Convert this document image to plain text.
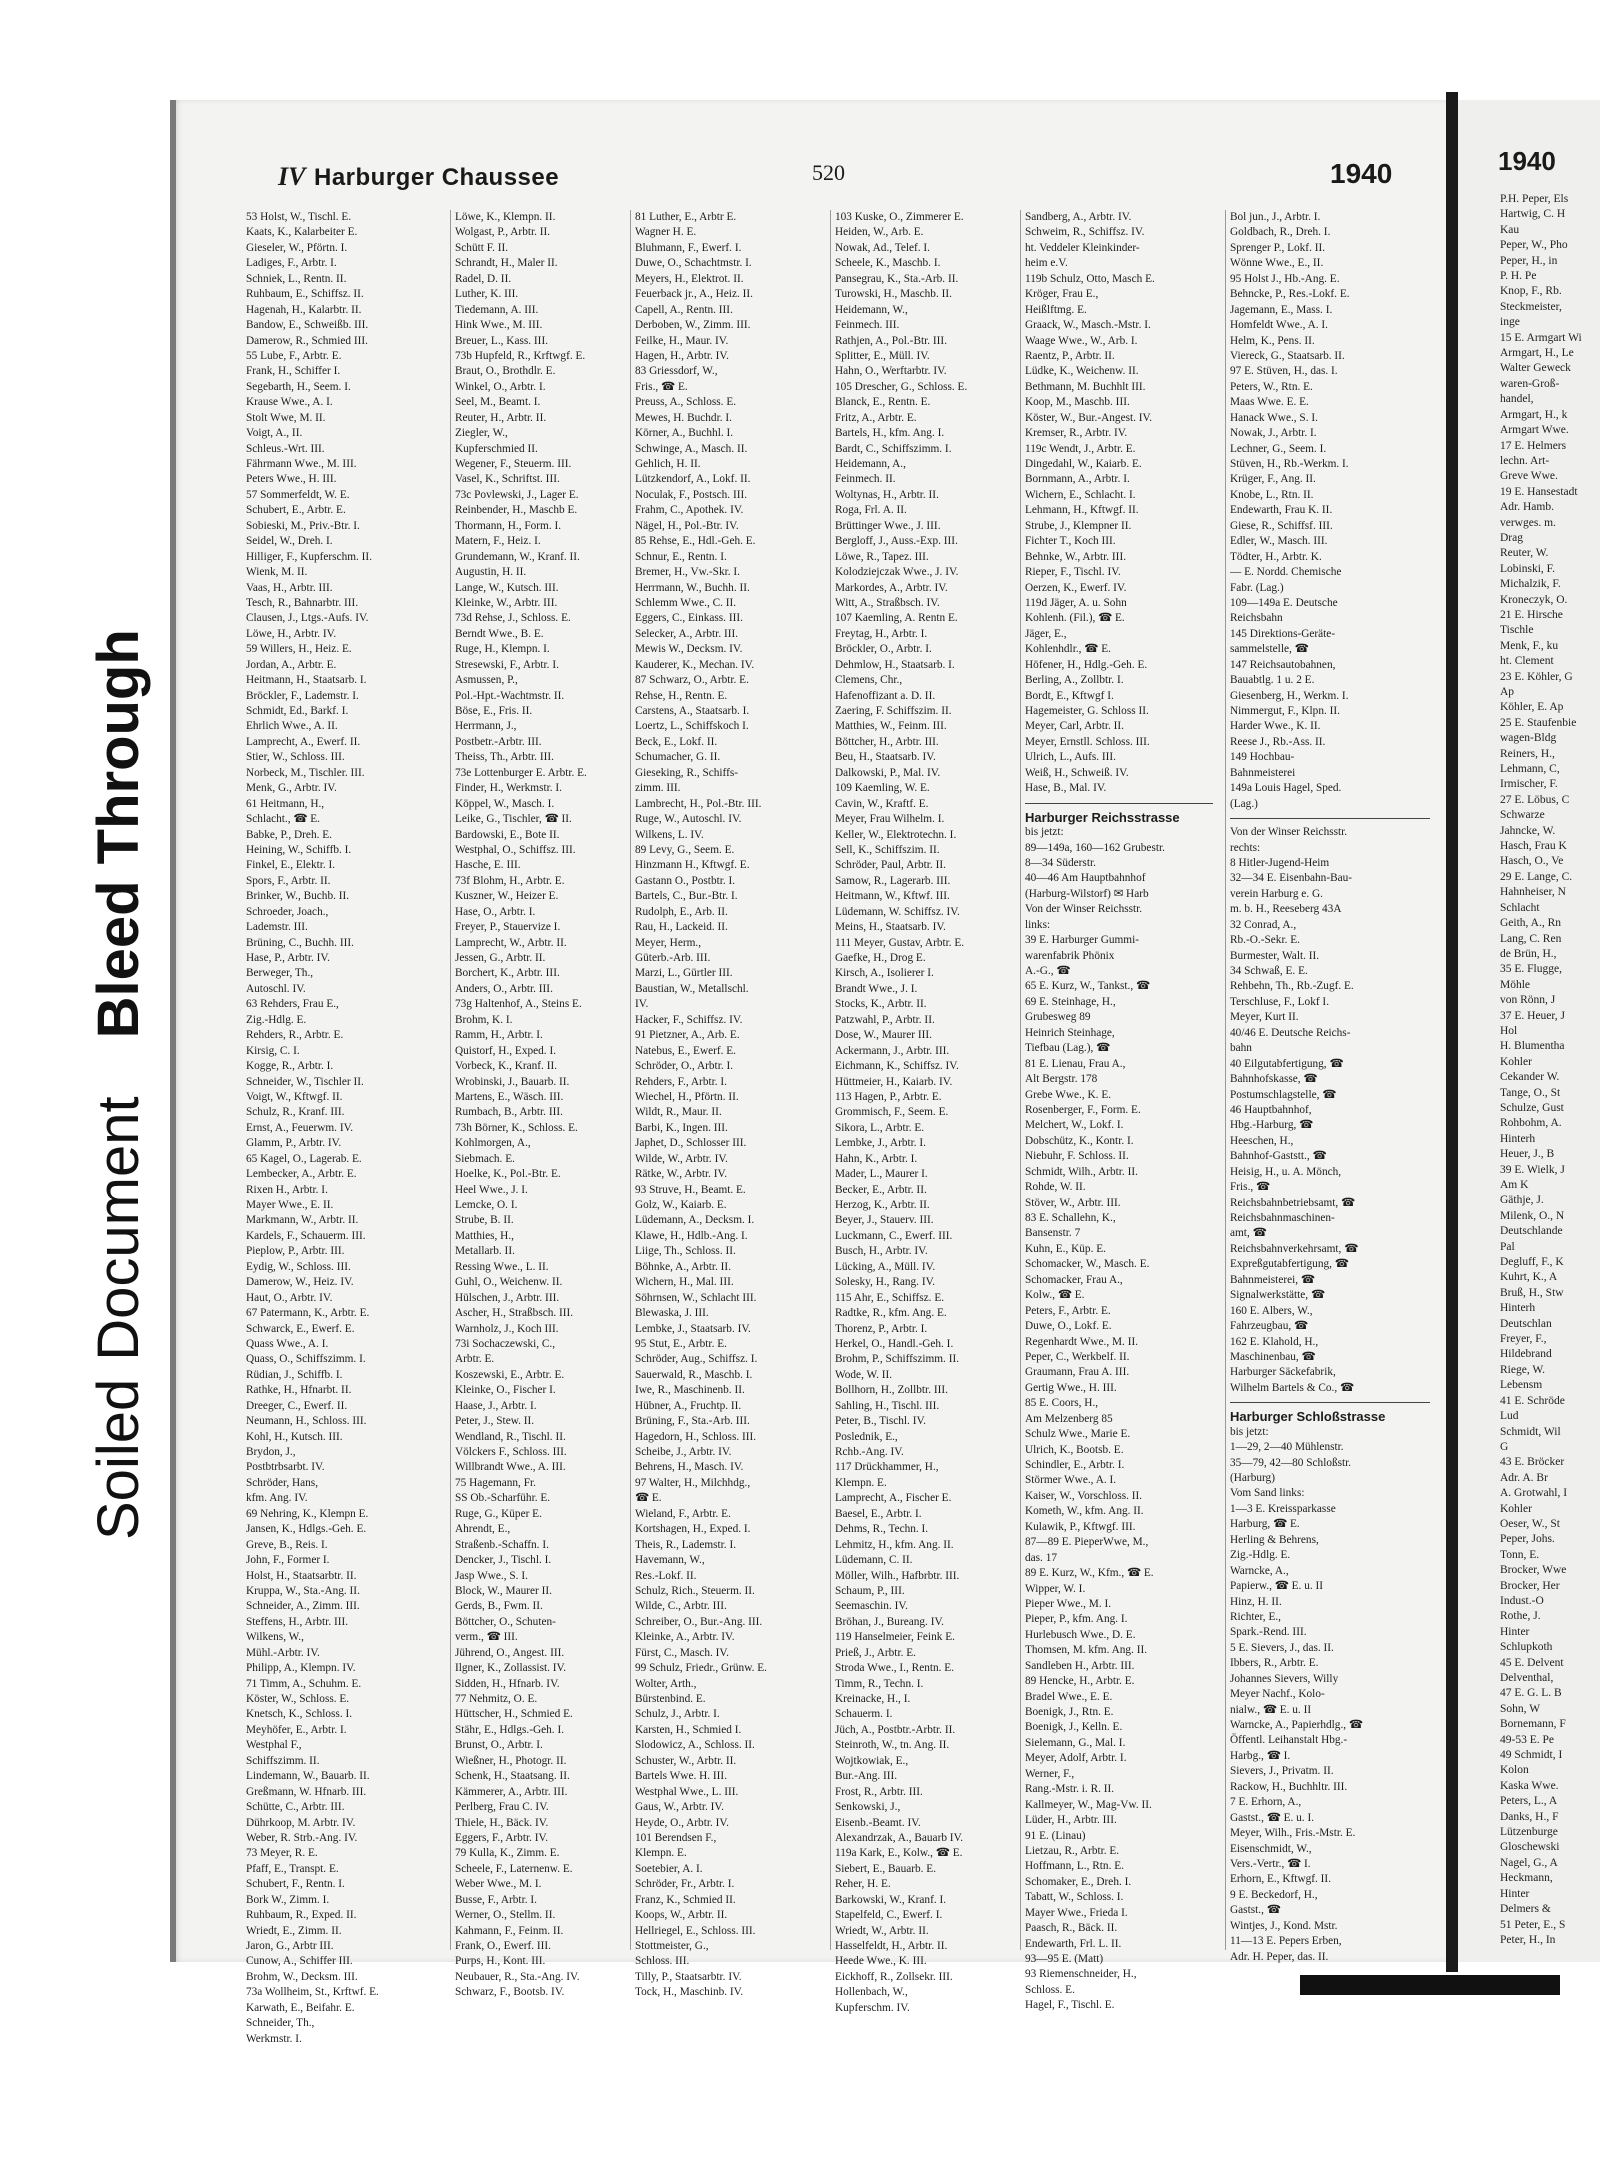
Soiled
Document
Bleed Through
IV Harburger Chaussee	520	1940
53 Holst, W., Tischl. E.
Kaats, K., Kalarbeiter E.
Gieseler, W., Pförtn. I.
Ladiges, F., Arbtr. I.
Schniek, L., Rentn. II.
Ruhbaum, E., Schiffsz. II.
Hagenah, H., Kalarbtr. II.
Bandow, E., Schweißb. III.
Damerow, R., Schmied III.
55 Lube, F., Arbtr. E.
Frank, H., Schiffer I.
Segebarth, H., Seem. I.
Krause Wwe., A. I.
Stolt Wwe, M. II.
Voigt, A., II.
Schleus.-Wrt. III.
Fährmann Wwe., M. III.
Peters Wwe., H. III.
57 Sommerfeldt, W. E.
Schubert, E., Arbtr. E.
Sobieski, M., Priv.-Btr. I.
Seidel, W., Dreh. I.
Hilliger, F., Kupferschm. II.
Wienk, M. II.
Vaas, H., Arbtr. III.
Tesch, R., Bahnarbtr. III.
Clausen, J., Ltgs.-Aufs. IV.
Löwe, H., Arbtr. IV.
59 Willers, H., Heiz. E.
Jordan, A., Arbtr. E.
Heitmann, H., Staatsarb. I.
Bröckler, F., Lademstr. I.
Schmidt, Ed., Barkf. I.
Ehrlich Wwe., A. II.
Lamprecht, A., Ewerf. II.
Stier, W., Schloss. III.
Norbeck, M., Tischler. III.
Menk, G., Arbtr. IV.
61 Heitmann, H.,
Schlacht., ☎ E.
Babke, P., Dreh. E.
Heining, W., Schiffb. I.
Finkel, E., Elektr. I.
Spors, F., Arbtr. II.
Brinker, W., Buchb. II.
Schroeder, Joach.,
Lademstr. III.
Brüning, C., Buchh. III.
Hase, P., Arbtr. IV.
Berweger, Th.,
Autoschl. IV.
63 Rehders, Frau E.,
Zig.-Hdlg. E.
Rehders, R., Arbtr. E.
Kirsig, C. I.
Kogge, R., Arbtr. I.
Schneider, W., Tischler II.
Voigt, W., Kftwgf. II.
Schulz, R., Kranf. III.
Ernst, A., Feuerwm. IV.
Glamm, P., Arbtr. IV.
65 Kagel, O., Lagerab. E.
Lembecker, A., Arbtr. E.
Rixen H., Arbtr. I.
Mayer Wwe., E. II.
Markmann, W., Arbtr. II.
Kardels, F., Schauerm. III.
Pieplow, P., Arbtr. III.
Eydig, W., Schloss. III.
Damerow, W., Heiz. IV.
Haut, O., Arbtr. IV.
67 Patermann, K., Arbtr. E.
Schwarck, E., Ewerf. E.
Quass Wwe., A. I.
Quass, O., Schiffszimm. I.
Rüdian, J., Schiffb. I.
Rathke, H., Hfnarbt. II.
Dreeger, C., Ewerf. II.
Neumann, H., Schloss. III.
Kohl, H., Kutsch. III.
Brydon, J.,
Postbtrbsarbt. IV.
Schröder, Hans,
kfm. Ang. IV.
69 Nehring, K., Klempn E.
Jansen, K., Hdlgs.-Geh. E.
Greve, B., Reis. I.
John, F., Former I.
Holst, H., Staatsarbtr. II.
Kruppa, W., Sta.-Ang. II.
Schneider, A., Zimm. III.
Steffens, H., Arbtr. III.
Wilkens, W.,
Mühl.-Arbtr. IV.
Philipp, A., Klempn. IV.
71 Timm, A., Schuhm. E.
Köster, W., Schloss. E.
Knetsch, K., Schloss. I.
Meyhöfer, E., Arbtr. I.
Westphal F.,
Schiffszimm. II.
Lindemann, W., Bauarb. II.
Greßmann, W. Hfnarb. III.
Schütte, C., Arbtr. III.
Dührkoop, M. Arbtr. IV.
Weber, R. Strb.-Ang. IV.
73 Meyer, R. E.
Pfaff, E., Transpt. E.
Schubert, F., Rentn. I.
Bork W., Zimm. I.
Ruhbaum, R., Exped. II.
Wriedt, E., Zimm. II.
Jaron, G., Arbtr III.
Cunow, A., Schiffer III.
Brohm, W., Decksm. III.
73a Wollheim, St., Krftwf. E.
Karwath, E., Beifahr. E.
Schneider, Th.,
Werkmstr. I.
Löwe, K., Klempn. II.
Wolgast, P., Arbtr. II.
Schütt F. II.
Schrandt, H., Maler II.
Radel, D. II.
Luther, K. III.
Tiedemann, A. III.
Hink Wwe., M. III.
Breuer, L., Kass. III.
73b Hupfeld, R., Krftwgf. E.
Braut, O., Brothdlr. E.
Winkel, O., Arbtr. I.
Seel, M., Beamt. I.
Reuter, H., Arbtr. II.
Ziegler, W.,
Kupferschmied II.
Wegener, F., Steuerm. III.
Vasel, K., Schriftst. III.
73c Povlewski, J., Lager E.
Reinbender, H., Maschb E.
Thormann, H., Form. I.
Matern, F., Heiz. I.
Grundemann, W., Kranf. II.
Augustin, H. II.
Lange, W., Kutsch. III.
Kleinke, W., Arbtr. III.
73d Rehse, J., Schloss. E.
Berndt Wwe., B. E.
Ruge, H., Klempn. I.
Stresewski, F., Arbtr. I.
Asmussen, P.,
Pol.-Hpt.-Wachtmstr. II.
Böse, E., Fris. II.
Herrmann, J.,
Postbetr.-Arbtr. III.
Theiss, Th., Arbtr. III.
73e Lottenburger E. Arbtr. E.
Finder, H., Werkmstr. I.
Köppel, W., Masch. I.
Leike, G., Tischler, ☎ II.
Bardowski, E., Bote II.
Westphal, O., Schiffsz. III.
Hasche, E. III.
73f Blohm, H., Arbtr. E.
Kuszner, W., Heizer E.
Hase, O., Arbtr. I.
Freyer, P., Stauervize I.
Lamprecht, W., Arbtr. II.
Jessen, G., Arbtr. II.
Borchert, K., Arbtr. III.
Anders, O., Arbtr. III.
73g Haltenhof, A., Steins E.
Brohm, K. I.
Ramm, H., Arbtr. I.
Quistorf, H., Exped. I.
Vorbeck, K., Kranf. II.
Wrobinski, J., Bauarb. II.
Martens, E., Wäsch. III.
Rumbach, B., Arbtr. III.
73h Börner, K., Schloss. E.
Kohlmorgen, A.,
Siebmach. E.
Hoelke, K., Pol.-Btr. E.
Heel Wwe., J. I.
Lemcke, O. I.
Strube, B. II.
Matthies, H.,
Metallarb. II.
Ressing Wwe., L. II.
Guhl, O., Weichenw. II.
Hülschen, J., Arbtr. III.
Ascher, H., Straßbsch. III.
Warnholz, J., Koch III.
73i Sochaczewski, C.,
Arbtr. E.
Koszewski, E., Arbtr. E.
Kleinke, O., Fischer I.
Haase, J., Arbtr. I.
Peter, J., Stew. II.
Wendland, R., Tischl. II.
Völckers F., Schloss. III.
Willbrandt Wwe., A. III.
75 Hagemann, Fr.
SS Ob.-Scharführ. E.
Ruge, G., Küper E.
Ahrendt, E.,
Straßenb.-Schaffn. I.
Dencker, J., Tischl. I.
Jasp Wwe., S. I.
Block, W., Maurer II.
Gerds, B., Fwm. II.
Böttcher, O., Schuten-
verm., ☎ III.
Jührend, O., Angest. III.
Ilgner, K., Zollassist. IV.
Sidden, H., Hfnarb. IV.
77 Nehmitz, O. E.
Hüttscher, H., Schmied E.
Stähr, E., Hdlgs.-Geh. I.
Brunst, O., Arbtr. I.
Wießner, H., Photogr. II.
Schenk, H., Staatsang. II.
Kämmerer, A., Arbtr. III.
Perlberg, Frau C. IV.
Thiele, H., Bäck. IV.
Eggers, F., Arbtr. IV.
79 Kulla, K., Zimm. E.
Scheele, F., Laternenw. E.
Weber Wwe., M. I.
Busse, F., Arbtr. I.
Werner, O., Stellm. II.
Kahmann, F., Feinm. II.
Frank, O., Ewerf. III.
Purps, H., Kont. III.
Neubauer, R., Sta.-Ang. IV.
Schwarz, F., Bootsb. IV.
81 Luther, E., Arbtr E.
Wagner H. E.
Bluhmann, F., Ewerf. I.
Duwe, O., Schachtmstr. I.
Meyers, H., Elektrot. II.
Feuerback jr., A., Heiz. II.
Capell, A., Rentn. III.
Derboben, W., Zimm. III.
Feilke, H., Maur. IV.
Hagen, H., Arbtr. IV.
83 Griessdorf, W.,
Fris., ☎ E.
Preuss, A., Schloss. E.
Mewes, H. Buchdr. I.
Körner, A., Buchhl. I.
Schwinge, A., Masch. II.
Gehlich, H. II.
Lützkendorf, A., Lokf. II.
Noculak, F., Postsch. III.
Frahm, C., Apothek. IV.
Nägel, H., Pol.-Btr. IV.
85 Rehse, E., Hdl.-Geh. E.
Schnur, E., Rentn. I.
Bremer, H., Vw.-Skr. I.
Herrmann, W., Buchh. II.
Schlemm Wwe., C. II.
Eggers, C., Einkass. III.
Selecker, A., Arbtr. III.
Mewis W., Decksm. IV.
Kauderer, K., Mechan. IV.
87 Schwarz, O., Arbtr. E.
Rehse, H., Rentn. E.
Carstens, A., Staatsarb. I.
Loertz, L., Schiffskoch I.
Beck, E., Lokf. II.
Schumacher, G. II.
Gieseking, R., Schiffs-
zimm. III.
Lambrecht, H., Pol.-Btr. III.
Ruge, W., Autoschl. IV.
Wilkens, L. IV.
89 Levy, G., Seem. E.
Hinzmann H., Kftwgf. E.
Gastann O., Postbtr. I.
Bartels, C., Bur.-Btr. I.
Rudolph, E., Arb. II.
Rau, H., Lackeid. II.
Meyer, Herm.,
Güterb.-Arb. III.
Marzi, L., Gürtler III.
Baustian, W., Metallschl.
IV.
Hacker, F., Schiffsz. IV.
91 Pietzner, A., Arb. E.
Natebus, E., Ewerf. E.
Schröder, O., Arbtr. I.
Rehders, F., Arbtr. I.
Wiechel, H., Pförtn. II.
Wildt, R., Maur. II.
Barbi, K., Ingen. III.
Japhet, D., Schlosser III.
Wilde, W., Arbtr. IV.
Rätke, W., Arbtr. IV.
93 Struve, H., Beamt. E.
Golz, W., Kaiarb. E.
Lüdemann, A., Decksm. I.
Klawe, H., Hdlb.-Ang. I.
Liige, Th., Schloss. II.
Böhnke, A., Arbtr. II.
Wichern, H., Mal. III.
Söhrnsen, W., Schlacht III.
Blewaska, J. III.
Lembke, J., Staatsarb. IV.
95 Stut, E., Arbtr. E.
Schröder, Aug., Schiffsz. I.
Sauerwald, R., Maschb. I.
Iwe, R., Maschinenb. II.
Hübner, A., Fruchtp. II.
Brüning, F., Sta.-Arb. III.
Hagedorn, H., Schloss. III.
Scheibe, J., Arbtr. IV.
Behrens, H., Masch. IV.
97 Walter, H., Milchhdg.,
☎ E.
Wieland, F., Arbtr. E.
Kortshagen, H., Exped. I.
Theis, R., Lademstr. I.
Havemann, W.,
Res.-Lokf. II.
Schulz, Rich., Steuerm. II.
Wilde, C., Arbtr. III.
Schreiber, O., Bur.-Ang. III.
Kleinke, A., Arbtr. IV.
Fürst, C., Masch. IV.
99 Schulz, Friedr., Grünw. E.
Wolter, Arth.,
Bürstenbind. E.
Schulz, J., Arbtr. I.
Karsten, H., Schmied I.
Slodowicz, A., Schloss. II.
Schuster, W., Arbtr. II.
Bartels Wwe. H. III.
Westphal Wwe., L. III.
Gaus, W., Arbtr. IV.
Heyde, O., Arbtr. IV.
101 Berendsen F.,
Klempn. E.
Soetebier, A. I.
Schröder, Fr., Arbtr. I.
Franz, K., Schmied II.
Koops, W., Arbtr. II.
Hellriegel, E., Schloss. III.
Stottmeister, G.,
Schloss. III.
Tilly, P., Staatsarbtr. IV.
Tock, H., Maschinb. IV.
103 Kuske, O., Zimmerer E.
Heiden, W., Arb. E.
Nowak, Ad., Telef. I.
Scheele, K., Maschb. I.
Pansegrau, K., Sta.-Arb. II.
Turowski, H., Maschb. II.
Heidemann, W.,
Feinmech. III.
Rathjen, A., Pol.-Btr. III.
Splitter, E., Müll. IV.
Hahn, O., Werftarbtr. IV.
105 Drescher, G., Schloss. E.
Blanck, E., Rentn. E.
Fritz, A., Arbtr. E.
Bartels, H., kfm. Ang. I.
Bardt, C., Schiffszimm. I.
Heidemann, A.,
Feinmech. II.
Woltynas, H., Arbtr. II.
Roga, Frl. A. II.
Brüttinger Wwe., J. III.
Bergloff, J., Auss.-Exp. III.
Löwe, R., Tapez. III.
Kolodziejczak Wwe., J. IV.
Markordes, A., Arbtr. IV.
Witt, A., Straßbsch. IV.
107 Kaemling, A. Rentn E.
Freytag, H., Arbtr. I.
Bröckler, O., Arbtr. I.
Dehmlow, H., Staatsarb. I.
Clemens, Chr.,
Hafenoffizant a. D. II.
Zaering, F. Schiffszim. II.
Matthies, W., Feinm. III.
Böttcher, H., Arbtr. III.
Beu, H., Staatsarb. IV.
Dalkowski, P., Mal. IV.
109 Kaemling, W. E.
Cavin, W., Kraftf. E.
Meyer, Frau Wilhelm. I.
Keller, W., Elektrotechn. I.
Sell, K., Schiffszim. II.
Schröder, Paul, Arbtr. II.
Samow, R., Lagerarb. III.
Heitmann, W., Kftwf. III.
Lüdemann, W. Schiffsz. IV.
Meins, H., Staatsarb. IV.
111 Meyer, Gustav, Arbtr. E.
Gaefke, H., Drog E.
Kirsch, A., Isolierer I.
Brandt Wwe., J. I.
Stocks, K., Arbtr. II.
Patzwahl, P., Arbtr. II.
Dose, W., Maurer III.
Ackermann, J., Arbtr. III.
Eichmann, K., Schiffsz. IV.
Hüttmeier, H., Kaiarb. IV.
113 Hagen, P., Arbtr. E.
Grommisch, F., Seem. E.
Sikora, L., Arbtr. E.
Lembke, J., Arbtr. I.
Hahn, K., Arbtr. I.
Mader, L., Maurer I.
Becker, E., Arbtr. II.
Herzog, K., Arbtr. II.
Beyer, J., Stauerv. III.
Luckmann, C., Ewerf. III.
Busch, H., Arbtr. IV.
Lücking, A., Müll. IV.
Solesky, H., Rang. IV.
115 Ahr, E., Schiffsz. E.
Radtke, R., kfm. Ang. E.
Thorenz, P., Arbtr. I.
Herkel, O., Handl.-Geh. I.
Brohm, P., Schiffszimm. II.
Wode, W. II.
Bollhorn, H., Zollbtr. III.
Sahling, H., Tischl. III.
Peter, B., Tischl. IV.
Poslednik, E.,
Rchb.-Ang. IV.
117 Drückhammer, H.,
Klempn. E.
Lamprecht, A., Fischer E.
Baesel, E., Arbtr. I.
Dehms, R., Techn. I.
Lehmitz, H., kfm. Ang. II.
Lüdemann, C. II.
Möller, Wilh., Hafbrbtr. III.
Schaum, P., III.
Seemaschin. IV.
Bröhan, J., Bureang. IV.
119 Hanselmeier, Feink E.
Prieß, J., Arbtr. E.
Stroda Wwe., I., Rentn. E.
Timm, R., Techn. I.
Kreinacke, H., I.
Schauerm. I.
Jüch, A., Postbtr.-Arbtr. II.
Steinroth, W., tn. Ang. II.
Wojtkowiak, E.,
Bur.-Ang. III.
Frost, R., Arbtr. III.
Senkowski, J.,
Eisenb.-Beamt. IV.
Alexandrzak, A., Bauarb IV.
119a Kark, E., Kolw., ☎ E.
Siebert, E., Bauarb. E.
Reher, H. E.
Barkowski, W., Kranf. I.
Stapelfeld, C., Ewerf. I.
Wriedt, W., Arbtr. II.
Hasselfeldt, H., Arbtr. II.
Heede Wwe., K. III.
Eickhoff, R., Zollsekr. III.
Hollenbach, W.,
Kupferschm. IV.
Sandberg, A., Arbtr. IV.
Schweim, R., Schiffsz. IV.
ht. Veddeler Kleinkinder-
heim e.V.
119b Schulz, Otto, Masch E.
Kröger, Frau E.,
Heißlftmg. E.
Graack, W., Masch.-Mstr. I.
Waage Wwe., W., Arb. I.
Raentz, P., Arbtr. II.
Lüdke, K., Weichenw. II.
Bethmann, M. Buchhlt III.
Koop, M., Maschb. III.
Köster, W., Bur.-Angest. IV.
Kremser, R., Arbtr. IV.
119c Wendt, J., Arbtr. E.
Dingedahl, W., Kaiarb. E.
Bornmann, A., Arbtr. I.
Wichern, E., Schlacht. I.
Lehmann, H., Kftwgf. II.
Strube, J., Klempner II.
Fichter T., Koch III.
Behnke, W., Arbtr. III.
Rieper, F., Tischl. IV.
Oerzen, K., Ewerf. IV.
119d Jäger, A. u. Sohn
Kohlenh. (Fil.), ☎ E.
Jäger, E.,
Kohlenhdlr., ☎ E.
Höfener, H., Hdlg.-Geh. E.
Berling, A., Zollbtr. I.
Bordt, E., Kftwgf I.
Hagemeister, G. Schloss II.
Meyer, Carl, Arbtr. II.
Meyer, Ernstll. Schloss. III.
Ulrich, L., Aufs. III.
Weiß, H., Schweiß. IV.
Hase, B., Mal. IV.
Harburger Reichsstrasse
bis jetzt:
89—149a, 160—162 Grubestr.
8—34 Süderstr.
40—46 Am Hauptbahnhof
(Harburg-Wilstorf) ✉ Harb
Von der Winser Reichsstr.
links:
39 E. Harburger Gummi-
warenfabrik Phönix
A.-G., ☎
65 E. Kurz, W., Tankst., ☎
69 E. Steinhage, H.,
Grubesweg 89
Heinrich Steinhage,
Tiefbau (Lag.), ☎
81 E. Lienau, Frau A.,
Alt Bergstr. 178
Grebe Wwe., K. E.
Rosenberger, F., Form. E.
Melchert, W., Lokf. I.
Dobschütz, K., Kontr. I.
Niebuhr, F. Schloss. II.
Schmidt, Wilh., Arbtr. II.
Rohde, W. II.
Stöver, W., Arbtr. III.
83 E. Schallehn, K.,
Bansenstr. 7
Kuhn, E., Küp. E.
Schomacker, W., Masch. E.
Schomacker, Frau A.,
Kolw., ☎ E.
Peters, F., Arbtr. E.
Duwe, O., Lokf. E.
Regenhardt Wwe., M. II.
Peper, C., Werkbelf. II.
Graumann, Frau A. III.
Gertig Wwe., H. III.
85 E. Coors, H.,
Am Melzenberg 85
Schulz Wwe., Marie E.
Ulrich, K., Bootsb. E.
Schindler, E., Arbtr. I.
Störmer Wwe., A. I.
Kaiser, W., Vorschloss. II.
Kometh, W., kfm. Ang. II.
Kulawik, P., Kftwgf. III.
87—89 E. PieperWwe, M.,
das. 17
89 E. Kurz, W., Kfm., ☎ E.
Wipper, W. I.
Pieper Wwe., M. I.
Pieper, P., kfm. Ang. I.
Hurlebusch Wwe., D. E.
Thomsen, M. kfm. Ang. II.
Sandleben H., Arbtr. III.
89 Hencke, H., Arbtr. E.
Bradel Wwe., E. E.
Boenigk, J., Rtn. E.
Boenigk, J., Kelln. E.
Sielemann, G., Mal. I.
Meyer, Adolf, Arbtr. I.
Werner, F.,
Rang.-Mstr. i. R. II.
Kallmeyer, W., Mag-Vw. II.
Lüder, H., Arbtr. III.
91 E. (Linau)
Lietzau, R., Arbtr. E.
Hoffmann, L., Rtn. E.
Schomaker, E., Dreh. I.
Tabatt, W., Schloss. I.
Mayer Wwe., Frieda I.
Paasch, R., Bäck. II.
Endewarth, Frl. L. II.
93—95 E. (Matt)
93 Riemenschneider, H.,
Schloss. E.
Hagel, F., Tischl. E.
Bol jun., J., Arbtr. I.
Goldbach, R., Dreh. I.
Sprenger P., Lokf. II.
Wönne Wwe., E., II.
95 Holst J., Hb.-Ang. E.
Behncke, P., Res.-Lokf. E.
Jagemann, E., Mass. I.
Homfeldt Wwe., A. I.
Helm, K., Pens. II.
Viereck, G., Staatsarb. II.
97 E. Stüven, H., das. I.
Peters, W., Rtn. E.
Maas Wwe. E. E.
Hanack Wwe., S. I.
Nowak, J., Arbtr. I.
Lechner, G., Seem. I.
Stüven, H., Rb.-Werkm. I.
Krüger, F., Ang. II.
Knobe, L., Rtn. II.
Endewarth, Frau K. II.
Giese, R., Schiffsf. III.
Edler, W., Masch. III.
Tödter, H., Arbtr. K.
— E. Nordd. Chemische
Fabr. (Lag.)
109—149a E. Deutsche
Reichsbahn
145 Direktions-Geräte-
sammelstelle, ☎
147 Reichsautobahnen,
Bauabtlg. 1 u. 2 E.
Giesenberg, H., Werkm. I.
Nimmergut, F., Klpn. II.
Harder Wwe., K. II.
Reese J., Rb.-Ass. II.
149 Hochbau-
Bahnmeisterei
149a Louis Hagel, Sped.
(Lag.)
Von der Winser Reichsstr.
rechts:
8 Hitler-Jugend-Heim
32—34 E. Eisenbahn-Bau-
verein Harburg e. G.
m. b. H., Reeseberg 43A
32 Conrad, A.,
Rb.-O.-Sekr. E.
Burmester, Walt. II.
34 Schwaß, E. E.
Rehbehn, Th., Rb.-Zugf. E.
Terschluse, F., Lokf I.
Meyer, Kurt II.
40/46 E. Deutsche Reichs-
bahn
40 Eilgutabfertigung, ☎
Bahnhofskasse, ☎
Postumschlagstelle, ☎
46 Hauptbahnhof,
Hbg.-Harburg, ☎
Heeschen, H.,
Bahnhof-Gaststt., ☎
Heisig, H., u. A. Mönch,
Fris., ☎
Reichsbahnbetriebsamt, ☎
Reichsbahnmaschinen-
amt, ☎
Reichsbahnverkehrsamt, ☎
Expreßgutabfertigung, ☎
Bahnmeisterei, ☎
Signalwerkstätte, ☎
160 E. Albers, W.,
Fahrzeugbau, ☎
162 E. Klahold, H.,
Maschinenbau, ☎
Harburger Säckefabrik,
Wilhelm Bartels & Co., ☎
Harburger Schloßstrasse
bis jetzt:
1—29, 2—40 Mühlenstr.
35—79, 42—80 Schloßstr.
(Harburg)
Vom Sand links:
1—3 E. Kreissparkasse
Harburg, ☎ E.
Herling & Behrens,
Zig.-Hdlg. E.
Warncke, A.,
Papierw., ☎ E. u. II
Hinz, H. II.
Richter, E.,
Spark.-Rend. III.
5 E. Sievers, J., das. II.
Ibbers, R., Arbtr. E.
Johannes Sievers, Willy
Meyer Nachf., Kolo-
nialw., ☎ E. u. II
Warncke, A., Papierhdlg., ☎
Öffentl. Leihanstalt Hbg.-
Harbg., ☎ I.
Sievers, J., Privatm. II.
Rackow, H., Buchhltr. III.
7 E. Erhorn, A.,
Gastst., ☎ E. u. I.
Meyer, Wilh., Fris.-Mstr. E.
Eisenschmidt, W.,
Vers.-Vertr., ☎ I.
Erhorn, E., Kftwgf. II.
9 E. Beckedorf, H.,
Gastst., ☎
Wintjes, J., Kond. Mstr.
11—13 E. Pepers Erben,
Adr. H. Peper, das. II.
1940
P.H. Peper, Els
Hartwig, C. H
Kau
Peper, W., Pho
Peper, H., in
P. H. Pe
Knop, F., Rb.
Steckmeister,
inge
15 E. Armgart Wi
Armgart, H., Le
Walter Geweck
waren-Groß-
handel,
Armgart, H., k
Armgart Wwe.
17 E. Helmers
lechn. Art-
Greve Wwe.
19 E. Hansestadt
Adr. Hamb.
verwges. m.
Drag
Reuter, W.
Lobinski, F.
Michalzik, F.
Kroneczyk, O.
21 E. Hirsche
Tischle
Menk, F., ku
ht. Clement
23 E. Köhler, G
Ap
Köhler, E. Ap
25 E. Staufenbie
wagen-Bldg
Reiners, H.,
Lehmann, C,
Irmischer, F.
27 E. Löbus, C
Schwarze
Jahncke, W.
Hasch, Frau K
Hasch, O., Ve
29 E. Lange, C.
Hahnheiser, N
Schlacht
Geith, A., Rn
Lang, C. Ren
de Brün, H.,
35 E. Flugge,
Möhle
von Rönn, J
37 E. Heuer, J
Hol
H. Blumentha
Kohler
Cekander W.
Tange, O., St
Schulze, Gust
Rohbohm, A.
Hinterh
Heuer, J., B
39 E. Wielk, J
Am K
Gäthje, J.
Milenk, O., N
Deutschlande
Pal
Degluff, F., K
Kuhrt, K., A
Bruß, H., Stw
Hinterh
Deutschlan
Freyer, F.,
Hildebrand
Riege, W.
Lebensm
41 E. Schröde
Lud
Schmidt, Wil
G
43 E. Bröcker
Adr. A. Br
A. Grotwahl, I
Kohler
Oeser, W., St
Peper, Johs.
Tonn, E.
Brocker, Wwe
Brocker, Her
Indust.-O
Rothe, J.
Hinter
Schlupkoth
45 E. Delvent
Delventhal,
47 E. G. L. B
Sohn, W
Bornemann, F
49-53 E. Pe
49 Schmidt, I
Kolon
Kaska Wwe.
Peters, L., A
Danks, H., F
Lützenburge
Gloschewski
Nagel, G., A
Heckmann,
Hinter
Delmers &
51 Peter, E., S
Peter, H., In
